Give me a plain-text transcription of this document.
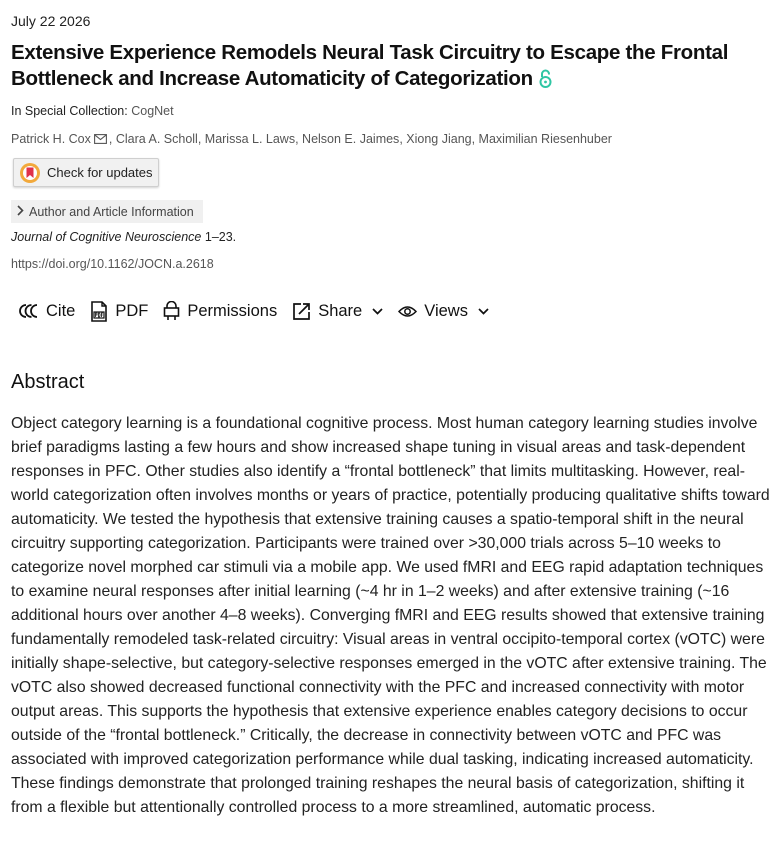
July 22 2026
Extensive Experience Remodels Neural Task Circuitry to Escape the Frontal Bottleneck and Increase Automaticity of Categorization
In Special Collection: CogNet
Patrick H. Cox , Clara A. Scholl, Marissa L. Laws, Nelson E. Jaimes, Xiong Jiang, Maximilian Riesenhuber
Check for updates
Author and Article Information
Journal of Cognitive Neuroscience 1–23.
https://doi.org/10.1162/JOCN.a.2618
Cite PDF Permissions Share	Views
Abstract

Object category learning is a foundational cognitive process. Most human category learning studies involve brief paradigms lasting a few hours and show increased shape tuning in visual areas and task-dependent responses in PFC. Other studies also identify a “frontal bottleneck” that limits multitasking. However, real-world categorization often involves months or years of practice, potentially producing qualitative shifts toward automaticity. We tested the hypothesis that extensive training causes a spatio-temporal shift in the neural circuitry supporting categorization. Participants were trained over >30,000 trials across 5–10 weeks to categorize novel morphed car stimuli via a mobile app. We used fMRI and EEG rapid adaptation techniques to examine neural responses after initial learning (~4 hr in 1–2 weeks) and after extensive training (~16 additional hours over another 4–8 weeks). Converging fMRI and EEG results showed that extensive training fundamentally remodeled task-related circuitry: Visual areas in ventral occipito-temporal cortex (vOTC) were initially shape-selective, but category-selective responses emerged in the vOTC after extensive training. The vOTC also showed decreased functional connectivity with the PFC and increased connectivity with motor output areas. This supports the hypothesis that extensive experience enables category decisions to occur outside of the “frontal bottleneck.” Critically, the decrease in connectivity between vOTC and PFC was associated with improved categorization performance while dual tasking, indicating increased automaticity. These findings demonstrate that prolonged training reshapes the neural basis of categorization, shifting it from a flexible but attentionally controlled process to a more streamlined, automatic process.
